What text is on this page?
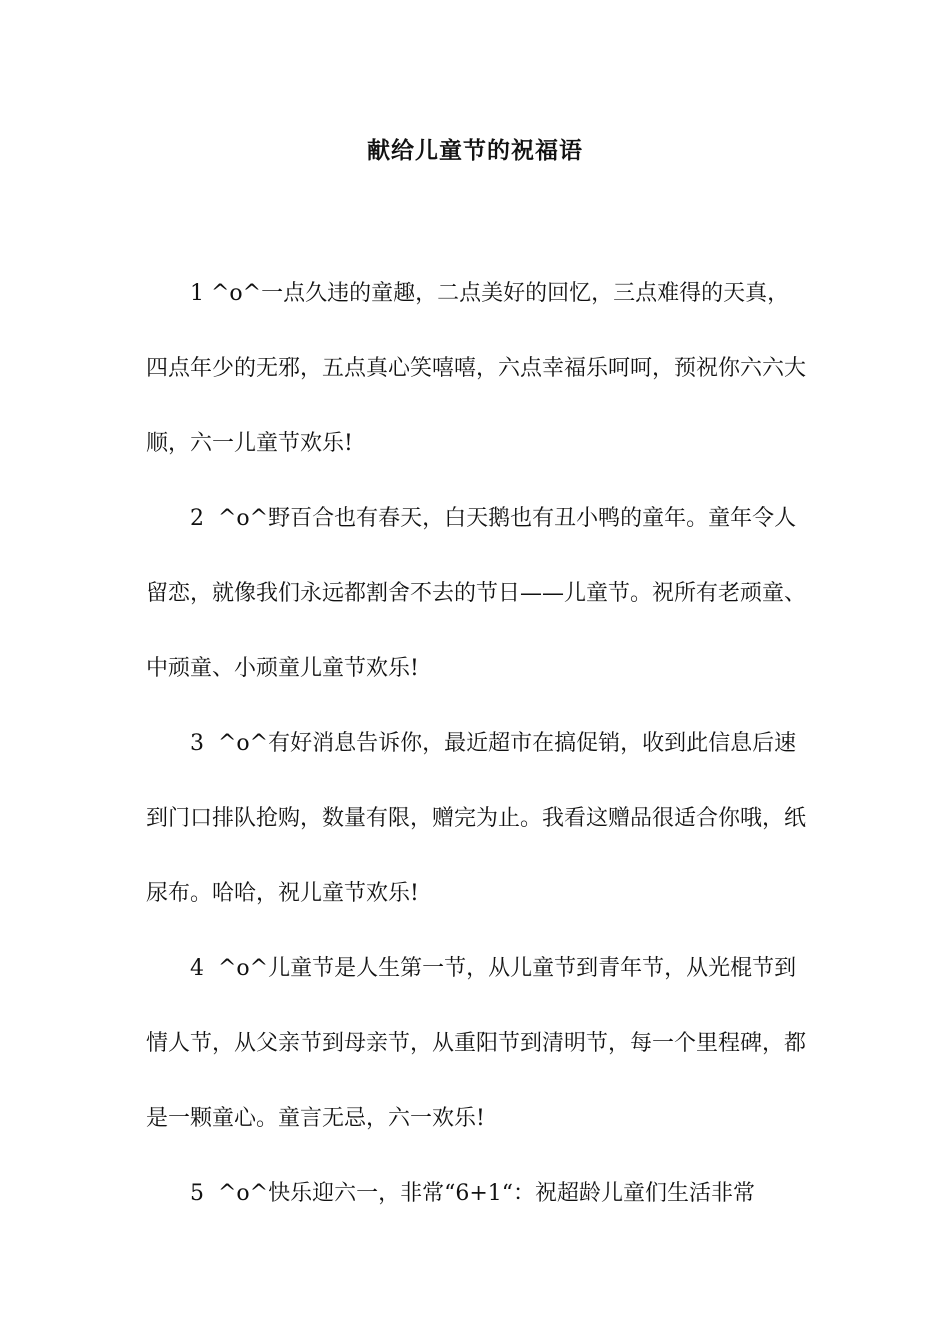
献给儿童节的祝福语

1 ^o^一点久违的童趣，二点美好的回忆，三点难得的天真，四点年少的无邪，五点真心笑嘻嘻，六点幸福乐呵呵，预祝你六六大顺，六一儿童节欢乐!

2  ^o^野百合也有春天，白天鹅也有丑小鸭的童年。童年令人留恋，就像我们永远都割舍不去的节日——儿童节。祝所有老顽童、中顽童、小顽童儿童节欢乐!

3  ^o^有好消息告诉你，最近超市在搞促销，收到此信息后速到门口排队抢购，数量有限，赠完为止。我看这赠品很适合你哦，纸尿布。哈哈，祝儿童节欢乐!

4  ^o^儿童节是人生第一节，从儿童节到青年节，从光棍节到情人节，从父亲节到母亲节，从重阳节到清明节，每一个里程碑，都是一颗童心。童言无忌，六一欢乐!

5  ^o^快乐迎六一，非常“6+1“：祝超龄儿童们生活非常
